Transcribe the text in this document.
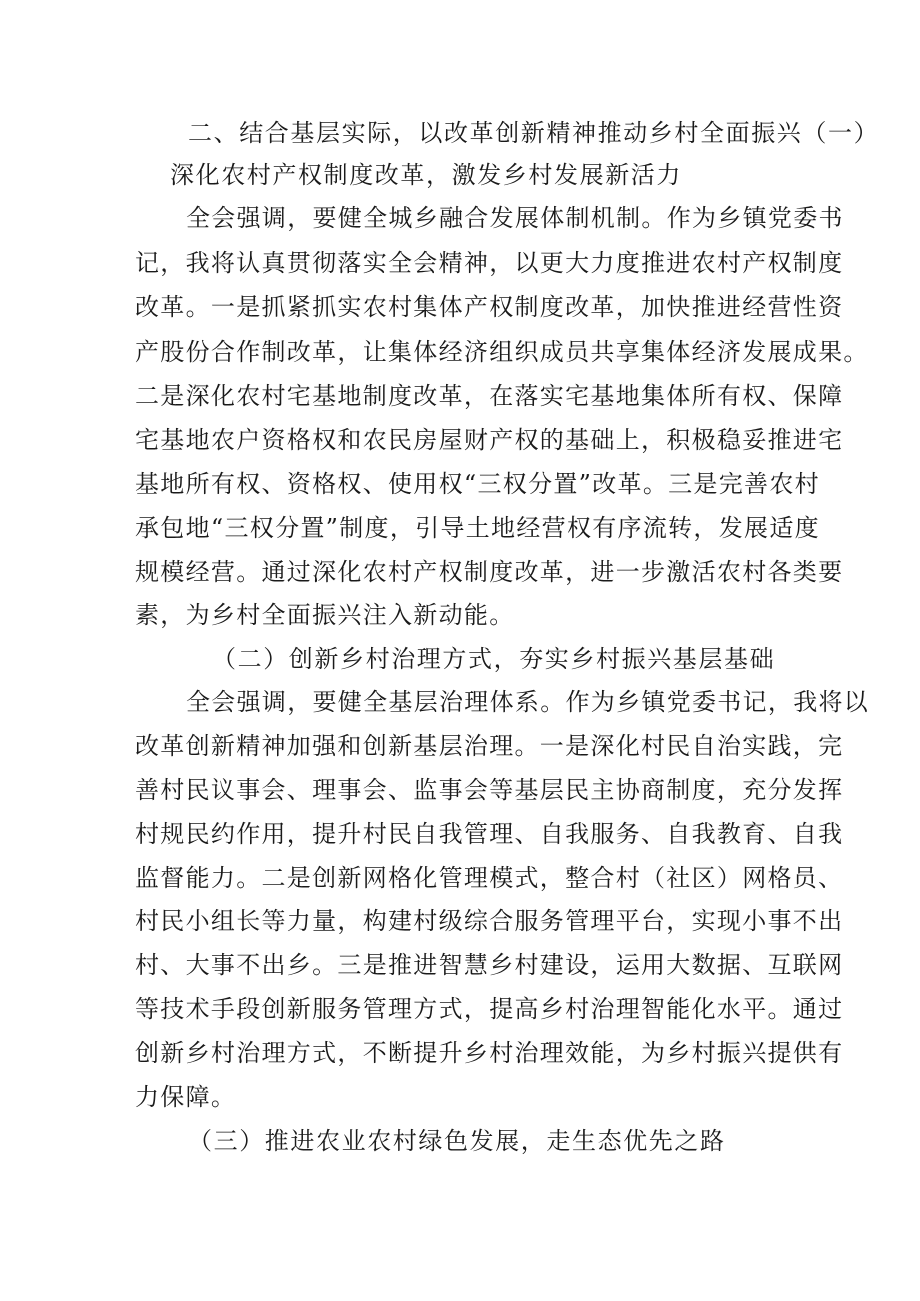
二、结合基层实际，以改革创新精神推动乡村全面振兴（一）
深化农村产权制度改革，激发乡村发展新活力
全会强调，要健全城乡融合发展体制机制。作为乡镇党委书
记，我将认真贯彻落实全会精神，以更大力度推进农村产权制度
改革。一是抓紧抓实农村集体产权制度改革，加快推进经营性资
产股份合作制改革，让集体经济组织成员共享集体经济发展成果。
二是深化农村宅基地制度改革，在落实宅基地集体所有权、保障
宅基地农户资格权和农民房屋财产权的基础上，积极稳妥推进宅
基地所有权、资格权、使用权“三权分置”改革。三是完善农村
承包地“三权分置”制度，引导土地经营权有序流转，发展适度
规模经营。通过深化农村产权制度改革，进一步激活农村各类要
素，为乡村全面振兴注入新动能。
（二）创新乡村治理方式，夯实乡村振兴基层基础
全会强调，要健全基层治理体系。作为乡镇党委书记，我将以
改革创新精神加强和创新基层治理。一是深化村民自治实践，完
善村民议事会、理事会、监事会等基层民主协商制度，充分发挥
村规民约作用，提升村民自我管理、自我服务、自我教育、自我
监督能力。二是创新网格化管理模式，整合村（社区）网格员、
村民小组长等力量，构建村级综合服务管理平台，实现小事不出
村、大事不出乡。三是推进智慧乡村建设，运用大数据、互联网
等技术手段创新服务管理方式，提高乡村治理智能化水平。通过
创新乡村治理方式，不断提升乡村治理效能，为乡村振兴提供有
力保障。
（三）推进农业农村绿色发展，走生态优先之路
